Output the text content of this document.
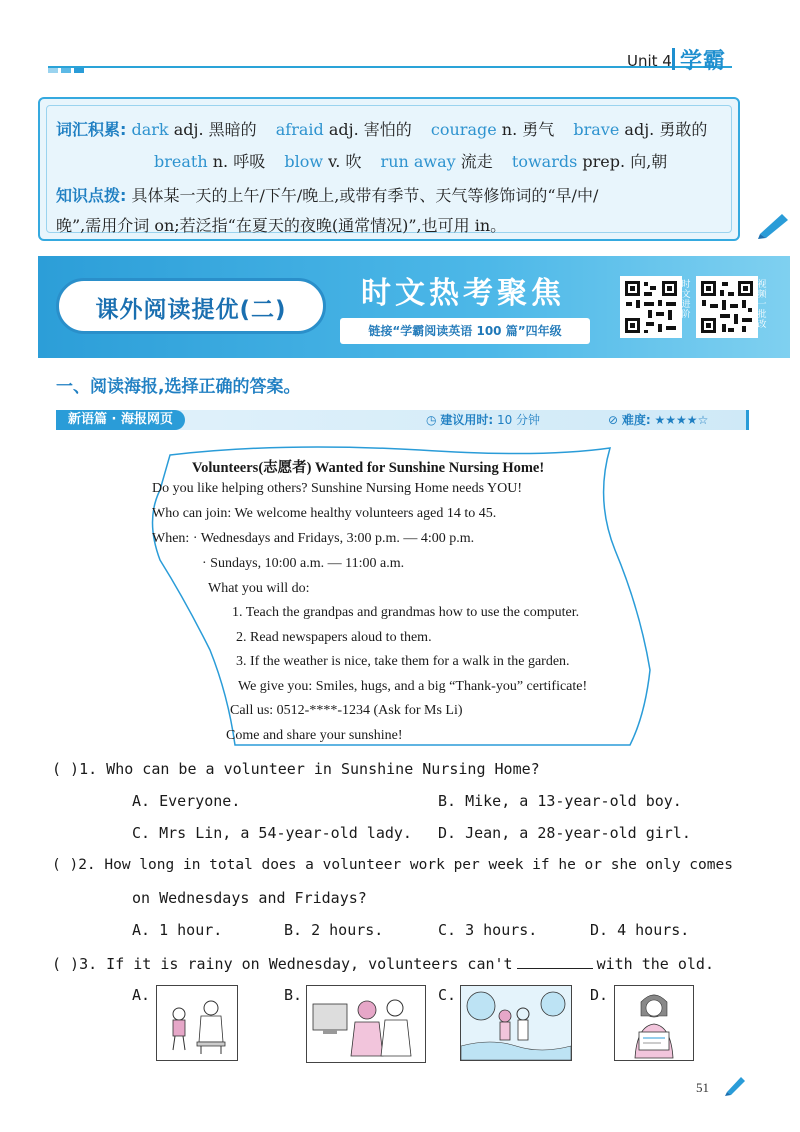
Unit 4 学霸
词汇积累: dark adj. 黑暗的 afraid adj. 害怕的 courage n. 勇气 brave adj. 勇敢的
breath n. 呼吸 blow v. 吹 run away 流走 towards prep. 向,朝
知识点拨: 具体某一天的上午/下午/晚上,或带有季节、天气等修饰词的“早/中/
晚”,需用介词 on;若泛指“在夏天的夜晚(通常情况)”,也可用 in。
课外阅读提优(二)	时文热考聚焦
链接“学霸阅读英语 100 篇”四年级
时文进阶
视频一批改
一、阅读海报,选择正确的答案。
新语篇 · 海报网页	◷ 建议用时: 10 分钟	⊘ 难度: ★★★★☆
Volunteers(志愿者) Wanted for Sunshine Nursing Home!
Do you like helping others? Sunshine Nursing Home needs YOU!
Who can join: We welcome healthy volunteers aged 14 to 45.
When: · Wednesdays and Fridays, 3:00 p.m. — 4:00 p.m.
· Sundays, 10:00 a.m. — 11:00 a.m.
What you will do:
1. Teach the grandpas and grandmas how to use the computer.
2. Read newspapers aloud to them.
3. If the weather is nice, take them for a walk in the garden.
We give you: Smiles, hugs, and a big “Thank-you” certificate!
Call us: 0512-****-1234 (Ask for Ms Li)
Come and share your sunshine!
( )1. Who can be a volunteer in Sunshine Nursing Home?
A. Everyone.	B. Mike, a 13-year-old boy.
C. Mrs Lin, a 54-year-old lady. D. Jean, a 28-year-old girl.
( )2. How long in total does a volunteer work per week if he or she only comes
on Wednesdays and Fridays?
A. 1 hour.	B. 2 hours.	C. 3 hours.	D. 4 hours.
( )3. If it is rainy on Wednesday, volunteers can't	with the old.
A.	B.	C.	D.
51
